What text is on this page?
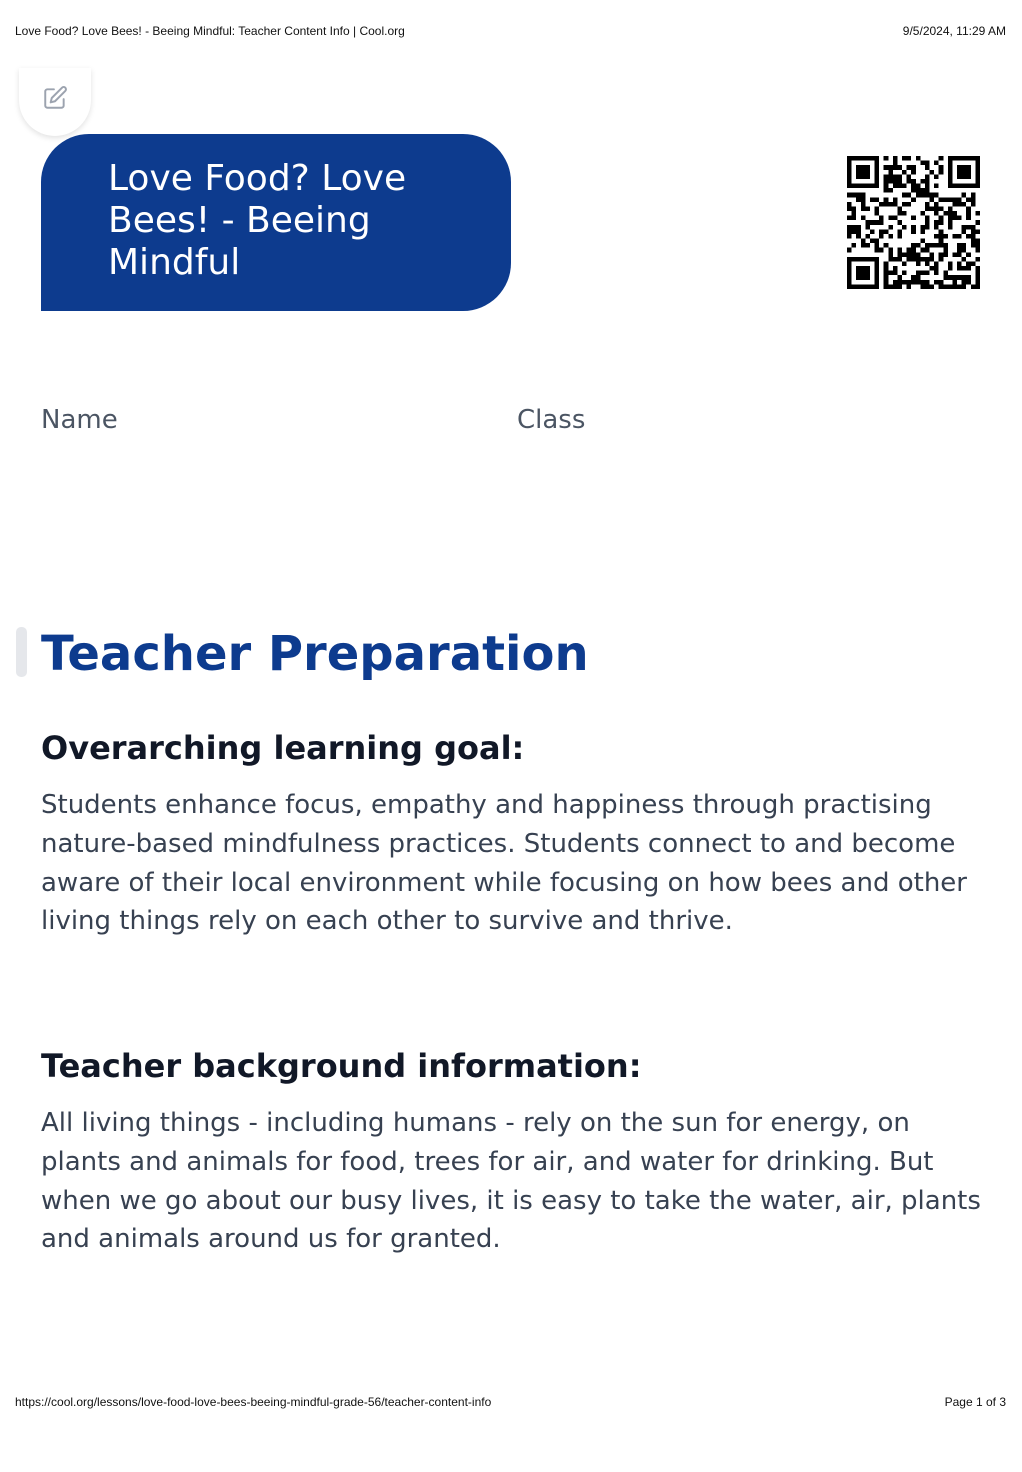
Love Food? Love Bees! - Beeing Mindful: Teacher Content Info | Cool.org	9/5/2024, 11:29 AM
Love Food? Love Bees! - Beeing Mindful
Name	Class
Teacher Preparation
Overarching learning goal:

Students enhance focus, empathy and happiness through practising nature-based mindfulness practices. Students connect to and become aware of their local environment while focusing on how bees and other living things rely on each other to survive and thrive.

Teacher background information:

All living things - including humans - rely on the sun for energy, on plants and animals for food, trees for air, and water for drinking. But when we go about our busy lives, it is easy to take the water, air, plants and animals around us for granted.

https://cool.org/lessons/love-food-love-bees-beeing-mindful-grade-56/teacher-content-info	Page 1 of 3
